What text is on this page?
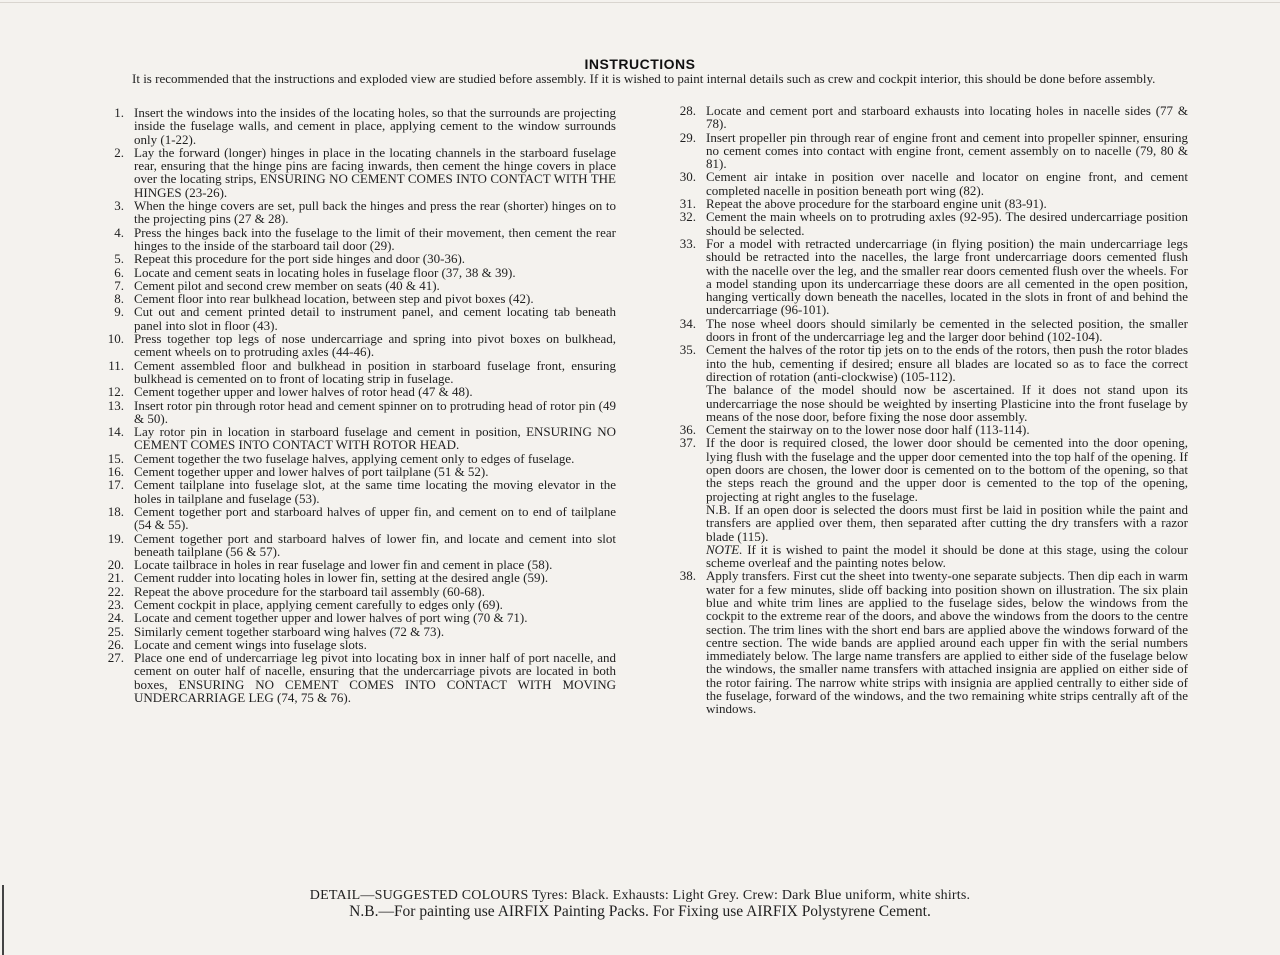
INSTRUCTIONS
It is recommended that the instructions and exploded view are studied before assembly. If it is wished to paint internal details such as crew and cockpit interior, this should be done before assembly.
1. Insert the windows into the insides of the locating holes, so that the surrounds are projecting inside the fuselage walls, and cement in place, applying cement to the window surrounds only (1-22).
2. Lay the forward (longer) hinges in place in the locating channels in the starboard fuselage rear, ensuring that the hinge pins are facing inwards, then cement the hinge covers in place over the locating strips, ENSURING NO CEMENT COMES INTO CONTACT WITH THE HINGES (23-26).
3. When the hinge covers are set, pull back the hinges and press the rear (shorter) hinges on to the projecting pins (27 & 28).
4. Press the hinges back into the fuselage to the limit of their movement, then cement the rear hinges to the inside of the starboard tail door (29).
5. Repeat this procedure for the port side hinges and door (30-36).
6. Locate and cement seats in locating holes in fuselage floor (37, 38 & 39).
7. Cement pilot and second crew member on seats (40 & 41).
8. Cement floor into rear bulkhead location, between step and pivot boxes (42).
9. Cut out and cement printed detail to instrument panel, and cement locating tab beneath panel into slot in floor (43).
10. Press together top legs of nose undercarriage and spring into pivot boxes on bulkhead, cement wheels on to protruding axles (44-46).
11. Cement assembled floor and bulkhead in position in starboard fuselage front, ensuring bulkhead is cemented on to front of locating strip in fuselage.
12. Cement together upper and lower halves of rotor head (47 & 48).
13. Insert rotor pin through rotor head and cement spinner on to protruding head of rotor pin (49 & 50).
14. Lay rotor pin in location in starboard fuselage and cement in position, ENSURING NO CEMENT COMES INTO CONTACT WITH ROTOR HEAD.
15. Cement together the two fuselage halves, applying cement only to edges of fuselage.
16. Cement together upper and lower halves of port tailplane (51 & 52).
17. Cement tailplane into fuselage slot, at the same time locating the moving elevator in the holes in tailplane and fuselage (53).
18. Cement together port and starboard halves of upper fin, and cement on to end of tailplane (54 & 55).
19. Cement together port and starboard halves of lower fin, and locate and cement into slot beneath tailplane (56 & 57).
20. Locate tailbrace in holes in rear fuselage and lower fin and cement in place (58).
21. Cement rudder into locating holes in lower fin, setting at the desired angle (59).
22. Repeat the above procedure for the starboard tail assembly (60-68).
23. Cement cockpit in place, applying cement carefully to edges only (69).
24. Locate and cement together upper and lower halves of port wing (70 & 71).
25. Similarly cement together starboard wing halves (72 & 73).
26. Locate and cement wings into fuselage slots.
27. Place one end of undercarriage leg pivot into locating box in inner half of port nacelle, and cement on outer half of nacelle, ensuring that the undercarriage pivots are located in both boxes, ENSURING NO CEMENT COMES INTO CONTACT WITH MOVING UNDERCARRIAGE LEG (74, 75 & 76).
28. Locate and cement port and starboard exhausts into locating holes in nacelle sides (77 & 78).
29. Insert propeller pin through rear of engine front and cement into propeller spinner, ensuring no cement comes into contact with engine front, cement assembly on to nacelle (79, 80 & 81).
30. Cement air intake in position over nacelle and locator on engine front, and cement completed nacelle in position beneath port wing (82).
31. Repeat the above procedure for the starboard engine unit (83-91).
32. Cement the main wheels on to protruding axles (92-95). The desired undercarriage position should be selected.
33. For a model with retracted undercarriage (in flying position) the main undercarriage legs should be retracted into the nacelles, the large front undercarriage doors cemented flush with the nacelle over the leg, and the smaller rear doors cemented flush over the wheels. For a model standing upon its undercarriage these doors are all cemented in the open position, hanging vertically down beneath the nacelles, located in the slots in front of and behind the undercarriage (96-101).
34. The nose wheel doors should similarly be cemented in the selected position, the smaller doors in front of the undercarriage leg and the larger door behind (102-104).
35. Cement the halves of the rotor tip jets on to the ends of the rotors, then push the rotor blades into the hub, cementing if desired; ensure all blades are located so as to face the correct direction of rotation (anti-clockwise) (105-112).
The balance of the model should now be ascertained. If it does not stand upon its undercarriage the nose should be weighted by inserting Plasticine into the front fuselage by means of the nose door, before fixing the nose door assembly.
36. Cement the stairway on to the lower nose door half (113-114).
37. If the door is required closed, the lower door should be cemented into the door opening, lying flush with the fuselage and the upper door cemented into the top half of the opening. If open doors are chosen, the lower door is cemented on to the bottom of the opening, so that the steps reach the ground and the upper door is cemented to the top of the opening, projecting at right angles to the fuselage.
N.B. If an open door is selected the doors must first be laid in position while the paint and transfers are applied over them, then separated after cutting the dry transfers with a razor blade (115).
NOTE. If it is wished to paint the model it should be done at this stage, using the colour scheme overleaf and the painting notes below.
38. Apply transfers. First cut the sheet into twenty-one separate subjects. Then dip each in warm water for a few minutes, slide off backing into position shown on illustration. The six plain blue and white trim lines are applied to the fuselage sides, below the windows from the cockpit to the extreme rear of the doors, and above the windows from the doors to the centre section. The trim lines with the short end bars are applied above the windows forward of the centre section. The wide bands are applied around each upper fin with the serial numbers immediately below. The large name transfers are applied to either side of the fuselage below the windows, the smaller name transfers with attached insignia are applied on either side of the rotor fairing. The narrow white strips with insignia are applied centrally to either side of the fuselage, forward of the windows, and the two remaining white strips centrally aft of the windows.
DETAIL—SUGGESTED COLOURS Tyres: Black. Exhausts: Light Grey. Crew: Dark Blue uniform, white shirts.
N.B.—For painting use AIRFIX Painting Packs. For Fixing use AIRFIX Polystyrene Cement.
